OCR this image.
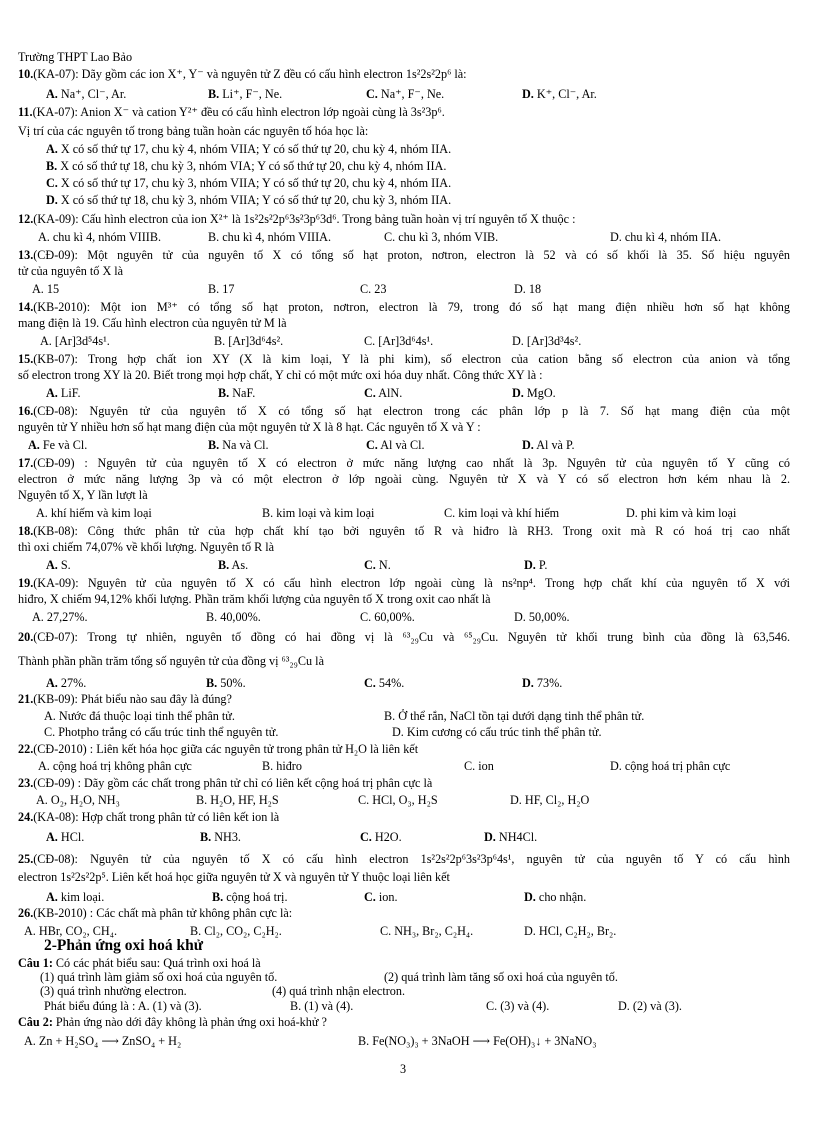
Trường THPT Lao Bảo
10.(KA-07): Dãy gồm các ion X⁺, Y⁻ và nguyên tử Z đều có cấu hình electron 1s²2s²2p⁶ là:
A. Na⁺, Cl⁻, Ar.	B. Li⁺, F⁻, Ne.	C. Na⁺, F⁻, Ne.	D. K⁺, Cl⁻, Ar.
11.(KA-07): Anion X⁻ và cation Y²⁺ đều có cấu hình electron lớp ngoài cùng là 3s²3p⁶.
Vị trí của các nguyên tố trong bảng tuần hoàn các nguyên tố hóa học là:
A. X có số thứ tự 17, chu kỳ 4, nhóm VIIA; Y có số thứ tự 20, chu kỳ 4, nhóm IIA.
B. X có số thứ tự 18, chu kỳ 3, nhóm VIA; Y có số thứ tự 20, chu kỳ 4, nhóm IIA.
C. X có số thứ tự 17, chu kỳ 3, nhóm VIIA; Y có số thứ tự 20, chu kỳ 4, nhóm IIA.
D. X có số thứ tự 18, chu kỳ 3, nhóm VIIA; Y có số thứ tự 20, chu kỳ 3, nhóm IIA.
12.(KA-09): Cấu hình electron của ion X²⁺ là 1s²2s²2p⁶3s²3p⁶3d⁶. Trong bảng tuần hoàn vị trí nguyên tố X thuộc :
A. chu kì 4, nhóm VIIIB.	B. chu kì 4, nhóm VIIIA.	C. chu kì 3, nhóm VIB.	D. chu kì 4, nhóm IIA.
13.(CĐ-09): Một nguyên tử của nguyên tố X có tổng số hạt proton, nơtron, electron là 52 và có số khối là 35. Số hiệu nguyên
tử của nguyên tố X là
A. 15	B. 17	C. 23	D. 18
14.(KB-2010): Một ion M³⁺ có tổng số hạt proton, nơtron, electron là 79, trong đó số hạt mang điện nhiều hơn số hạt không
mang điện là 19. Cấu hình electron của nguyên tử M là
A. [Ar]3d⁵4s¹.	B. [Ar]3d⁶4s².	C. [Ar]3d⁶4s¹.	D. [Ar]3d³4s².
15.(KB-07): Trong hợp chất ion XY (X là kim loại, Y là phi kim), số electron của cation bằng số electron của anion và tổng
số electron trong XY là 20. Biết trong mọi hợp chất, Y chỉ có một mức oxi hóa duy nhất. Công thức XY là :
A. LiF.	B. NaF.	C. AlN.	D. MgO.
16.(CĐ-08): Nguyên tử của nguyên tố X có tổng số hạt electron trong các phân lớp p là 7. Số hạt mang điện của một
nguyên tử Y nhiều hơn số hạt mang điện của một nguyên tử X là 8 hạt. Các nguyên tố X và Y :
A. Fe và Cl.	B. Na và Cl.	C. Al và Cl.	D. Al và P.
17.(CĐ-09) : Nguyên tử của nguyên tố X có electron ở mức năng lượng cao nhất là 3p. Nguyên tử của nguyên tố Y cũng có
electron ở mức năng lượng 3p và có một electron ở lớp ngoài cùng. Nguyên tử X và Y có số electron hơn kém nhau là 2.
Nguyên tố X, Y lần lượt là
A. khí hiếm và kim loại	B. kim loại và kim loại	C. kim loại và khí hiếm	D. phi kim và kim loại
18.(KB-08): Công thức phân tử của hợp chất khí tạo bởi nguyên tố R và hiđro là RH3. Trong oxit mà R có hoá trị cao nhất
thì oxi chiếm 74,07% về khối lượng. Nguyên tố R là
A. S.	B. As.	C. N.	D. P.
19.(KA-09): Nguyên tử của nguyên tố X có cấu hình electron lớp ngoài cùng là ns²np⁴. Trong hợp chất khí của nguyên tố X với
hiđro, X chiếm 94,12% khối lượng. Phần trăm khối lượng của nguyên tố X trong oxit cao nhất là
A. 27,27%.	B. 40,00%.	C. 60,00%.	D. 50,00%.
20.(CĐ-07): Trong tự nhiên, nguyên tố đồng có hai đồng vị là ⁶³₂₉Cu và ⁶⁵₂₉Cu. Nguyên tử khối trung bình của đồng là 63,546.
Thành phần phần trăm tổng số nguyên tử của đồng vị ⁶³₂₉Cu là
A. 27%.	B. 50%.	C. 54%.	D. 73%.
21.(KB-09): Phát biểu nào sau đây là đúng?
A. Nước đá thuộc loại tinh thể phân tử.	B. Ở thể rắn, NaCl tồn tại dưới dạng tinh thể phân tử.
C. Photpho trắng có cấu trúc tinh thể nguyên tử.	D. Kim cương có cấu trúc tinh thể phân tử.
22.(CĐ-2010) : Liên kết hóa học giữa các nguyên tử trong phân tử H₂O là liên kết
A. cộng hoá trị không phân cực	B. hiđro	C. ion	D. cộng hoá trị phân cực
23.(CĐ-09) : Dãy gồm các chất trong phân tử chỉ có liên kết cộng hoá trị phân cực là
A. O₂, H₂O, NH₃	B. H₂O, HF, H₂S	C. HCl, O₃, H₂S	D. HF, Cl₂, H₂O
24.(KA-08): Hợp chất trong phân tử có liên kết ion là
A. HCl.	B. NH3.	C. H2O.	D. NH4Cl.
25.(CĐ-08): Nguyên tử của nguyên tố X có cấu hình electron 1s²2s²2p⁶3s²3p⁶4s¹, nguyên tử của nguyên tố Y có cấu hình
electron 1s²2s²2p⁵. Liên kết hoá học giữa nguyên tử X và nguyên tử Y thuộc loại liên kết
A. kim loại.	B. cộng hoá trị.	C. ion.	D. cho nhận.
26.(KB-2010) : Các chất mà phân tử không phân cực là:
A. HBr, CO₂, CH₄.	B. Cl₂, CO₂, C₂H₂.	C. NH₃, Br₂, C₂H₄.	D. HCl, C₂H₂, Br₂.
2-Phản ứng oxi hoá khử
Câu 1: Có các phát biểu sau: Quá trình oxi hoá là
(1) quá trình làm giảm số oxi hoá của nguyên tố.	(2) quá trình làm tăng số oxi hoá của nguyên tố.
(3) quá trình nhường electron.	(4) quá trình nhận electron.
Phát biểu đúng là : A. (1) và (3).	B. (1) và (4).	C. (3) và (4).	D. (2) và (3).
Câu 2: Phản ứng nào dới đây không là phản ứng oxi hoá-khử ?
A. Zn + H₂SO₄ ⟶ ZnSO₄ + H₂	B. Fe(NO₃)₃ + 3NaOH ⟶ Fe(OH)₃↓ + 3NaNO₃
3
